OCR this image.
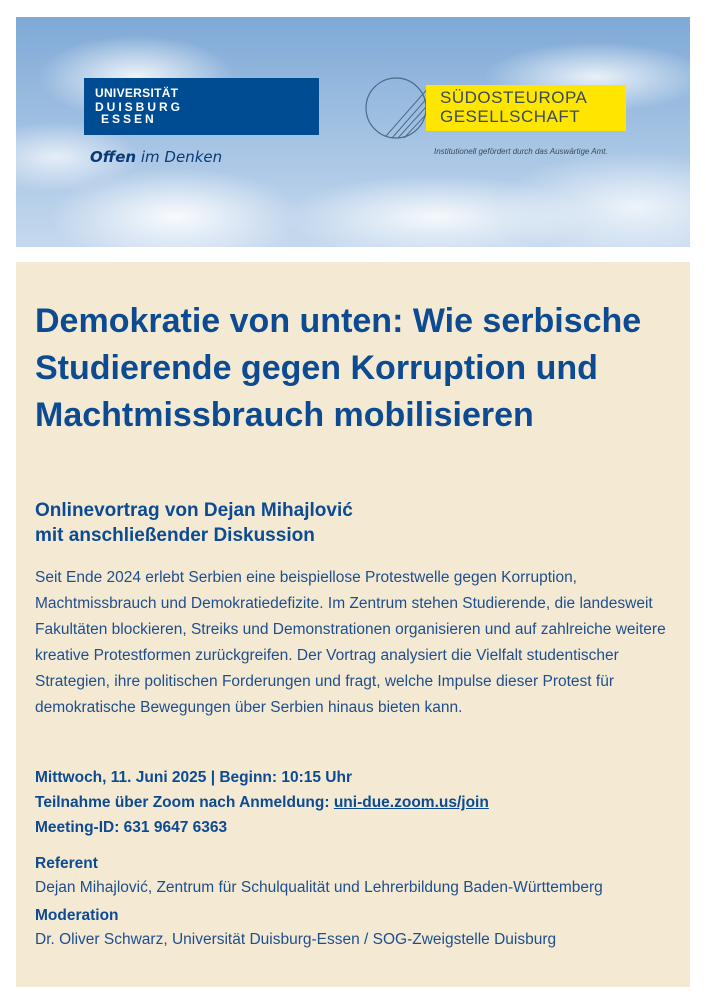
UNIVERSITÄT
DUISBURG
ESSEN
Offen im Denken
SÜDOSTEUROPA
GESELLSCHAFT
Institutionell gefördert durch das Auswärtige Amt.
Demokratie von unten: Wie serbische Studierende gegen Korruption und Machtmissbrauch mobilisieren
Onlinevortrag von Dejan Mihajlović
mit anschließender Diskussion

Seit Ende 2024 erlebt Serbien eine beispiellose Protestwelle gegen Korruption, Machtmissbrauch und Demokratiedefizite. Im Zentrum stehen Studierende, die landesweit Fakultäten blockieren, Streiks und Demonstrationen organisieren und auf zahlreiche weitere kreative Protestformen zurückgreifen. Der Vortrag analysiert die Vielfalt studentischer Strategien, ihre politischen Forderungen und fragt, welche Impulse dieser Protest für demokratische Bewegungen über Serbien hinaus bieten kann.

Mittwoch, 11. Juni 2025 | Beginn: 10:15 Uhr
Teilnahme über Zoom nach Anmeldung: uni-due.zoom.us/join
Meeting-ID: 631 9647 6363
Referent
Dejan Mihajlović, Zentrum für Schulqualität und Lehrerbildung Baden-Württemberg
Moderation
Dr. Oliver Schwarz, Universität Duisburg-Essen / SOG-Zweigstelle Duisburg
